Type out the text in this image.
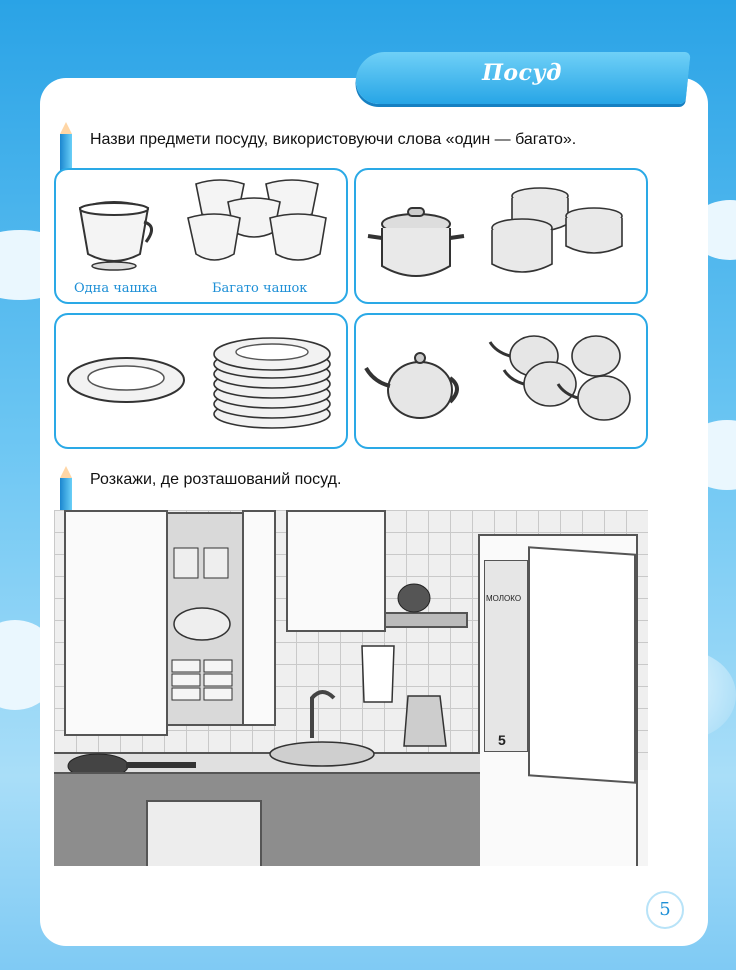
Посуд
Назви предмети посуду, використовуючи слова «один — багато».
Одна чашка	Багато чашок
Розкажи, де розташований посуд.
МОЛОКО
5
5
